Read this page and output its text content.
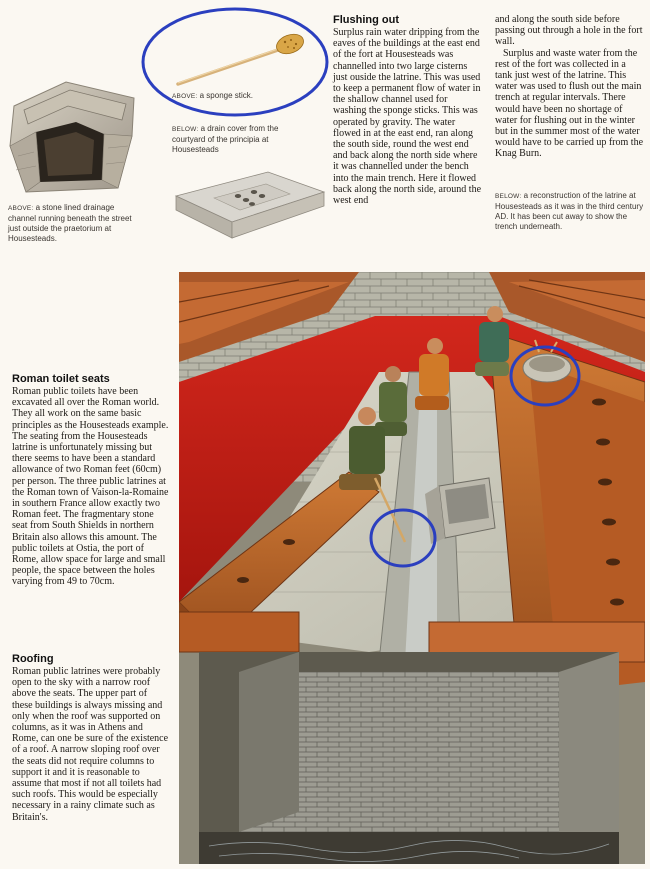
ABOVE: a stone lined drainage channel running beneath the street just outside the praetorium at Housesteads.
ABOVE: a sponge stick.
BELOW: a drain cover from the courtyard of the principia at Housesteads
Flushing out

Surplus rain water dripping from the eaves of the buildings at the east end of the fort at Housesteads was channelled into two large cisterns just ouside the latrine. This was used to keep a permanent flow of water in the shallow channel used for washing the sponge sticks. This was operated by gravity. The water flowed in at the east end, ran along the south side, round the west end and back along the north side where it was channelled under the bench into the main trench. Here it flowed back along the north side, around the west end

and along the south side before passing out through a hole in the fort wall.

Surplus and waste water from the rest of the fort was collected in a tank just west of the latrine. This water was used to flush out the main trench at regular intervals. There would have been no shortage of water for flushing out in the winter but in the summer most of the water would have to be carried up from the Knag Burn.

BELOW: a reconstruction of the latrine at Housesteads as it was in the third century AD. It has been cut away to show the trench underneath.
Roman toilet seats

Roman public toilets have been excavated all over the Roman world. They all work on the same basic principles as the Housesteads example. The seating from the Housesteads latrine is unfortunately missing but there seems to have been a standard allowance of two Roman feet (60cm) per person. The three public latrines at the Roman town of Vaison-la-Romaine in southern France allow exactly two Roman feet. The fragmentary stone seat from South Shields in northern Britain also allows this amount. The public toilets at Ostia, the port of Rome, allow space for large and small people, the space between the holes varying from 49 to 70cm.

Roofing

Roman public latrines were probably open to the sky with a narrow roof above the seats. The upper part of these buildings is always missing and only when the roof was supported on columns, as it was in Athens and Rome, can one be sure of the existence of a roof. A narrow sloping roof over the seats did not require columns to support it and it is reasonable to assume that most if not all toilets had such roofs. This would be especially necessary in a rainy climate such as Britain's.
